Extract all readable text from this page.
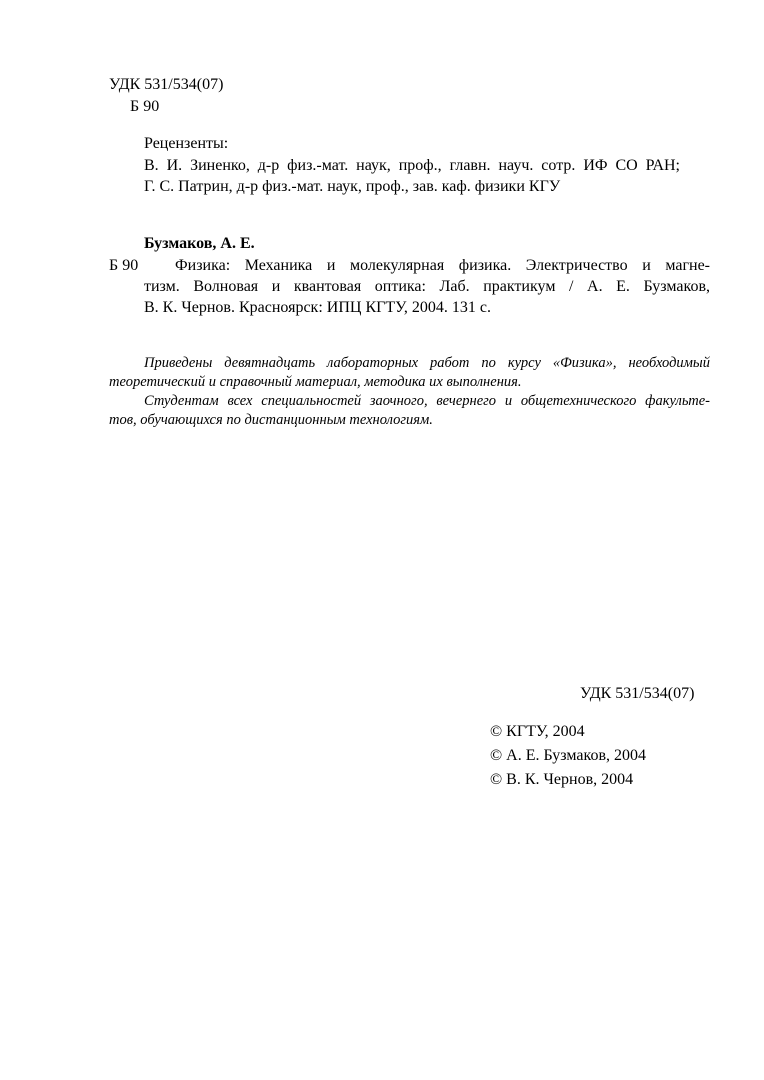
УДК 531/534(07)
Б 90
Рецензенты:
В. И. Зиненко, д-р физ.-мат. наук, проф., главн. науч. сотр. ИФ СО РАН;
Г. С. Патрин, д-р физ.-мат. наук, проф., зав. каф. физики КГУ
Бузмаков, А. Е.
Б 90 Физика: Механика и молекулярная физика. Электричество и магне-
тизм. Волновая и квантовая оптика: Лаб. практикум / А. Е. Бузмаков,
В. К. Чернов. Красноярск: ИПЦ КГТУ, 2004. 131 с.
Приведены девятнадцать лабораторных работ по курсу «Физика», необходимый
теоретический и справочный материал, методика их выполнения.
Студентам всех специальностей заочного, вечернего и общетехнического факульте-
тов, обучающихся по дистанционным технологиям.
УДК 531/534(07)
© КГТУ, 2004
© А. Е. Бузмаков, 2004
© В. К. Чернов, 2004
